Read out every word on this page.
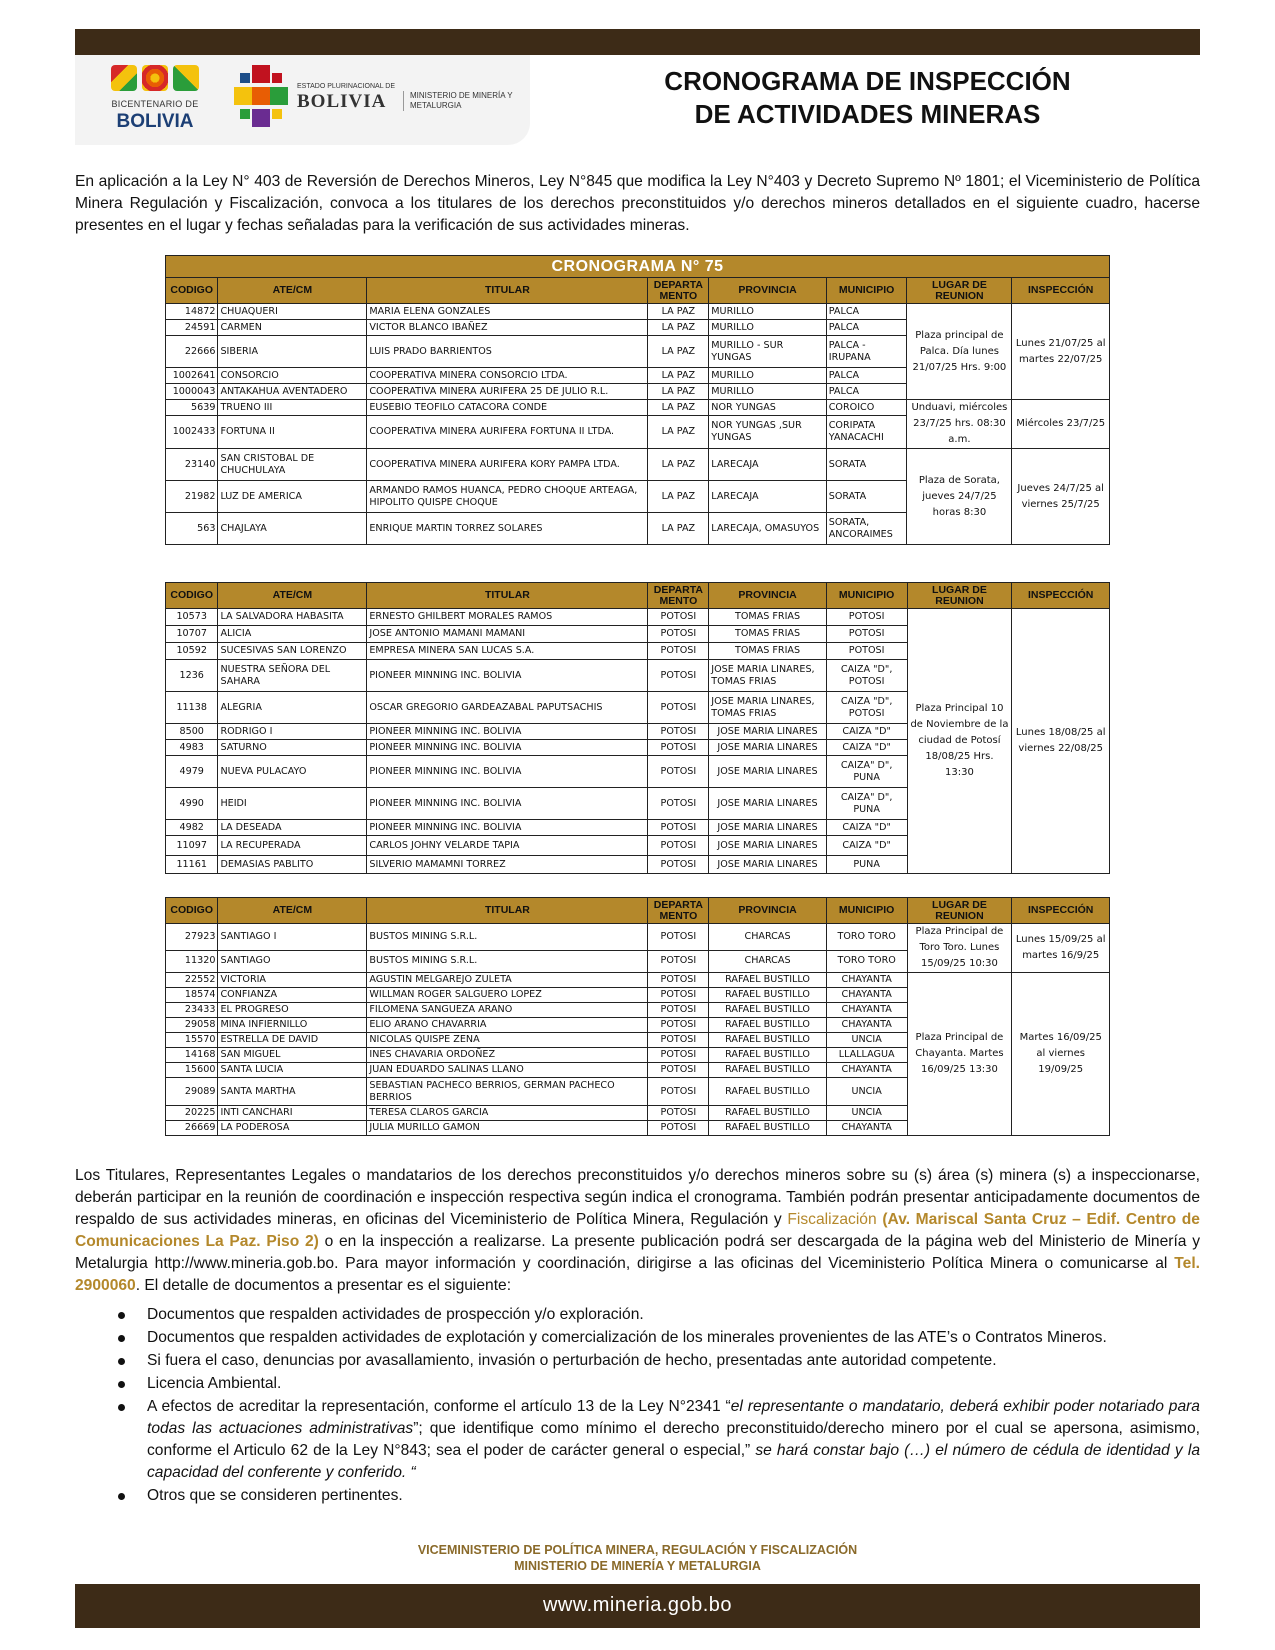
BICENTENARIO DE
BOLIVIA
ESTADO PLURINACIONAL DE
BOLIVIA	MINISTERIO DE MINERÍA Y METALURGIA
CRONOGRAMA DE INSPECCIÓN
DE ACTIVIDADES MINERAS

En aplicación a la Ley N° 403 de Reversión de Derechos Mineros, Ley N°845 que modifica la Ley N°403 y Decreto Supremo Nº 1801; el Viceministerio de Política Minera Regulación y Fiscalización, convoca a los titulares de los derechos preconstituidos y/o derechos mineros detallados en el siguiente cuadro, hacerse presentes en el lugar y fechas señaladas para la verificación de sus actividades mineras.

CRONOGRAMA N° 75							
CODIGO	ATE/CM	TITULAR	DEPARTA MENTO	PROVINCIA	MUNICIPIO	LUGAR DE REUNION	INSPECCIÓN
14872	CHUAQUERI	MARIA ELENA GONZALES	LA PAZ	MURILLO	PALCA	Plaza principal de Palca. Día lunes 21/07/25 Hrs. 9:00	Lunes 21/07/25 al martes 22/07/25
24591	CARMEN	VICTOR BLANCO IBAÑEZ	LA PAZ	MURILLO	PALCA		
22666	SIBERIA	LUIS PRADO BARRIENTOS	LA PAZ	MURILLO - SUR YUNGAS	PALCA - IRUPANA		
1002641	CONSORCIO	COOPERATIVA MINERA CONSORCIO LTDA.	LA PAZ	MURILLO	PALCA		
1000043	ANTAKAHUA AVENTADERO	COOPERATIVA MINERA AURIFERA 25 DE JULIO R.L.	LA PAZ	MURILLO	PALCA		
5639	TRUENO III	EUSEBIO TEOFILO CATACORA CONDE	LA PAZ	NOR YUNGAS	COROICO	Unduavi, miércoles 23/7/25 hrs. 08:30 a.m.	Miércoles 23/7/25
1002433	FORTUNA II	COOPERATIVA MINERA AURIFERA FORTUNA II LTDA.	LA PAZ	NOR YUNGAS ,SUR YUNGAS	CORIPATA YANACACHI		
23140	SAN CRISTOBAL DE CHUCHULAYA	COOPERATIVA MINERA AURIFERA KORY PAMPA LTDA.	LA PAZ	LARECAJA	SORATA	Plaza de Sorata, jueves 24/7/25 horas 8:30	Jueves 24/7/25 al viernes 25/7/25
21982	LUZ DE AMERICA	ARMANDO RAMOS HUANCA, PEDRO CHOQUE ARTEAGA, HIPOLITO QUISPE CHOQUE	LA PAZ	LARECAJA	SORATA		
563	CHAJLAYA	ENRIQUE MARTIN TORREZ SOLARES	LA PAZ	LARECAJA, OMASUYOS	SORATA, ANCORAIMES		
CODIGO	ATE/CM	TITULAR	DEPARTA MENTO	PROVINCIA	MUNICIPIO	LUGAR DE REUNION	INSPECCIÓN
10573	LA SALVADORA HABASITA	ERNESTO GHILBERT MORALES RAMOS	POTOSI	TOMAS FRIAS	POTOSI	Plaza Principal 10 de Noviembre de la ciudad de Potosí 18/08/25 Hrs. 13:30	Lunes 18/08/25 al viernes 22/08/25
10707	ALICIA	JOSE ANTONIO MAMANI MAMANI	POTOSI	TOMAS FRIAS	POTOSI		
10592	SUCESIVAS SAN LORENZO	EMPRESA MINERA SAN LUCAS S.A.	POTOSI	TOMAS FRIAS	POTOSI		
1236	NUESTRA SEÑORA DEL SAHARA	PIONEER MINNING INC. BOLIVIA	POTOSI	JOSE MARIA LINARES, TOMAS FRIAS	CAIZA "D", POTOSI		
11138	ALEGRIA	OSCAR GREGORIO GARDEAZABAL PAPUTSACHIS	POTOSI	JOSE MARIA LINARES, TOMAS FRIAS	CAIZA "D", POTOSI		
8500	RODRIGO I	PIONEER MINNING INC. BOLIVIA	POTOSI	JOSE MARIA LINARES	CAIZA "D"		
4983	SATURNO	PIONEER MINNING INC. BOLIVIA	POTOSI	JOSE MARIA LINARES	CAIZA "D"		
4979	NUEVA PULACAYO	PIONEER MINNING INC. BOLIVIA	POTOSI	JOSE MARIA LINARES	CAIZA" D", PUNA		
4990	HEIDI	PIONEER MINNING INC. BOLIVIA	POTOSI	JOSE MARIA LINARES	CAIZA" D", PUNA		
4982	LA DESEADA	PIONEER MINNING INC. BOLIVIA	POTOSI	JOSE MARIA LINARES	CAIZA "D"		
11097	LA RECUPERADA	CARLOS JOHNY VELARDE TAPIA	POTOSI	JOSE MARIA LINARES	CAIZA "D"		
11161	DEMASIAS PABLITO	SILVERIO MAMAMNI TORREZ	POTOSI	JOSE MARIA LINARES	PUNA		
CODIGO	ATE/CM	TITULAR	DEPARTA MENTO	PROVINCIA	MUNICIPIO	LUGAR DE REUNION	INSPECCIÓN
27923	SANTIAGO I	BUSTOS MINING S.R.L.	POTOSI	CHARCAS	TORO TORO	Plaza Principal de Toro Toro. Lunes 15/09/25 10:30	Lunes 15/09/25 al martes 16/9/25
11320	SANTIAGO	BUSTOS MINING S.R.L.	POTOSI	CHARCAS	TORO TORO		
22552	VICTORIA	AGUSTIN MELGAREJO ZULETA	POTOSI	RAFAEL BUSTILLO	CHAYANTA	Plaza Principal de Chayanta. Martes 16/09/25 13:30	Martes 16/09/25 al viernes 19/09/25
18574	CONFIANZA	WILLMAN ROGER SALGUERO LOPEZ	POTOSI	RAFAEL BUSTILLO	CHAYANTA		
23433	EL PROGRESO	FILOMENA SANGUEZA ARANO	POTOSI	RAFAEL BUSTILLO	CHAYANTA		
29058	MINA INFIERNILLO	ELIO ARANO CHAVARRIA	POTOSI	RAFAEL BUSTILLO	CHAYANTA		
15570	ESTRELLA DE DAVID	NICOLAS QUISPE ZENA	POTOSI	RAFAEL BUSTILLO	UNCIA		
14168	SAN MIGUEL	INES CHAVARIA ORDOÑEZ	POTOSI	RAFAEL BUSTILLO	LLALLAGUA		
15600	SANTA LUCIA	JUAN EDUARDO SALINAS LLANO	POTOSI	RAFAEL BUSTILLO	CHAYANTA		
29089	SANTA MARTHA	SEBASTIAN PACHECO BERRIOS, GERMAN PACHECO BERRIOS	POTOSI	RAFAEL BUSTILLO	UNCIA		
20225	INTI CANCHARI	TERESA CLAROS GARCIA	POTOSI	RAFAEL BUSTILLO	UNCIA		
26669	LA PODEROSA	JULIA MURILLO GAMON	POTOSI	RAFAEL BUSTILLO	CHAYANTA		

Los Titulares, Representantes Legales o mandatarios de los derechos preconstituidos y/o derechos mineros sobre su (s) área (s) minera (s) a inspeccionarse, deberán participar en la reunión de coordinación e inspección respectiva según indica el cronograma. También podrán presentar anticipadamente documentos de respaldo de sus actividades mineras, en oficinas del Viceministerio de Política Minera, Regulación y Fiscalización (Av. Mariscal Santa Cruz – Edif. Centro de Comunicaciones La Paz. Piso 2) o en la inspección a realizarse. La presente publicación podrá ser descargada de la página web del Ministerio de Minería y Metalurgia http://www.mineria.gob.bo. Para mayor información y coordinación, dirigirse a las oficinas del Viceministerio Política Minera o comunicarse al Tel. 2900060. El detalle de documentos a presentar es el siguiente:

Documentos que respalden actividades de prospección y/o exploración.
Documentos que respalden actividades de explotación y comercialización de los minerales provenientes de las ATE’s o Contratos Mineros.
Si fuera el caso, denuncias por avasallamiento, invasión o perturbación de hecho, presentadas ante autoridad competente.
Licencia Ambiental.
A efectos de acreditar la representación, conforme el artículo 13 de la Ley N°2341 “el representante o mandatario, deberá exhibir poder notariado para todas las actuaciones administrativas”; que identifique como mínimo el derecho preconstituido/derecho minero por el cual se apersona, asimismo, conforme el Articulo 62 de la Ley N°843; sea el poder de carácter general o especial,” se hará constar bajo (…) el número de cédula de identidad y la capacidad del conferente y conferido. “
Otros que se consideren pertinentes.
VICEMINISTERIO DE POLÍTICA MINERA, REGULACIÓN Y FISCALIZACIÓN
MINISTERIO DE MINERÍA Y METALURGIA
www.mineria.gob.bo
